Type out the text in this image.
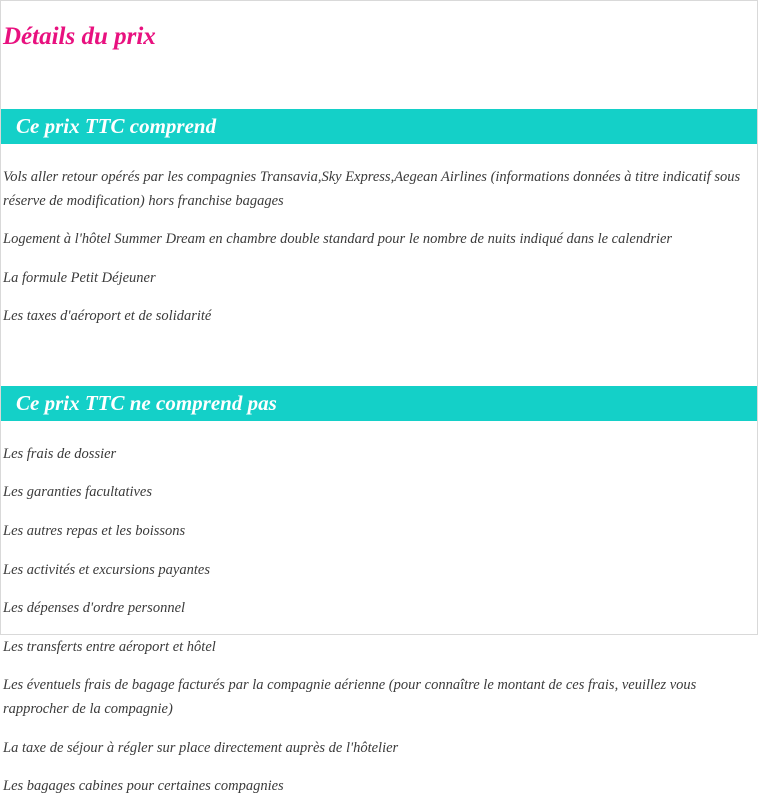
Détails du prix
Ce prix TTC comprend

Vols aller retour opérés par les compagnies Transavia,Sky Express,Aegean Airlines (informations données à titre indicatif sous réserve de modification) hors franchise bagages

Logement à l'hôtel Summer Dream en chambre double standard pour le nombre de nuits indiqué dans le calendrier

La formule Petit Déjeuner

Les taxes d'aéroport et de solidarité

Ce prix TTC ne comprend pas

Les frais de dossier

Les garanties facultatives

Les autres repas et les boissons

Les activités et excursions payantes

Les dépenses d'ordre personnel

Les transferts entre aéroport et hôtel

Les éventuels frais de bagage facturés par la compagnie aérienne (pour connaître le montant de ces frais, veuillez vous rapprocher de la compagnie)

La taxe de séjour à régler sur place directement auprès de l'hôtelier

Les bagages cabines pour certaines compagnies
